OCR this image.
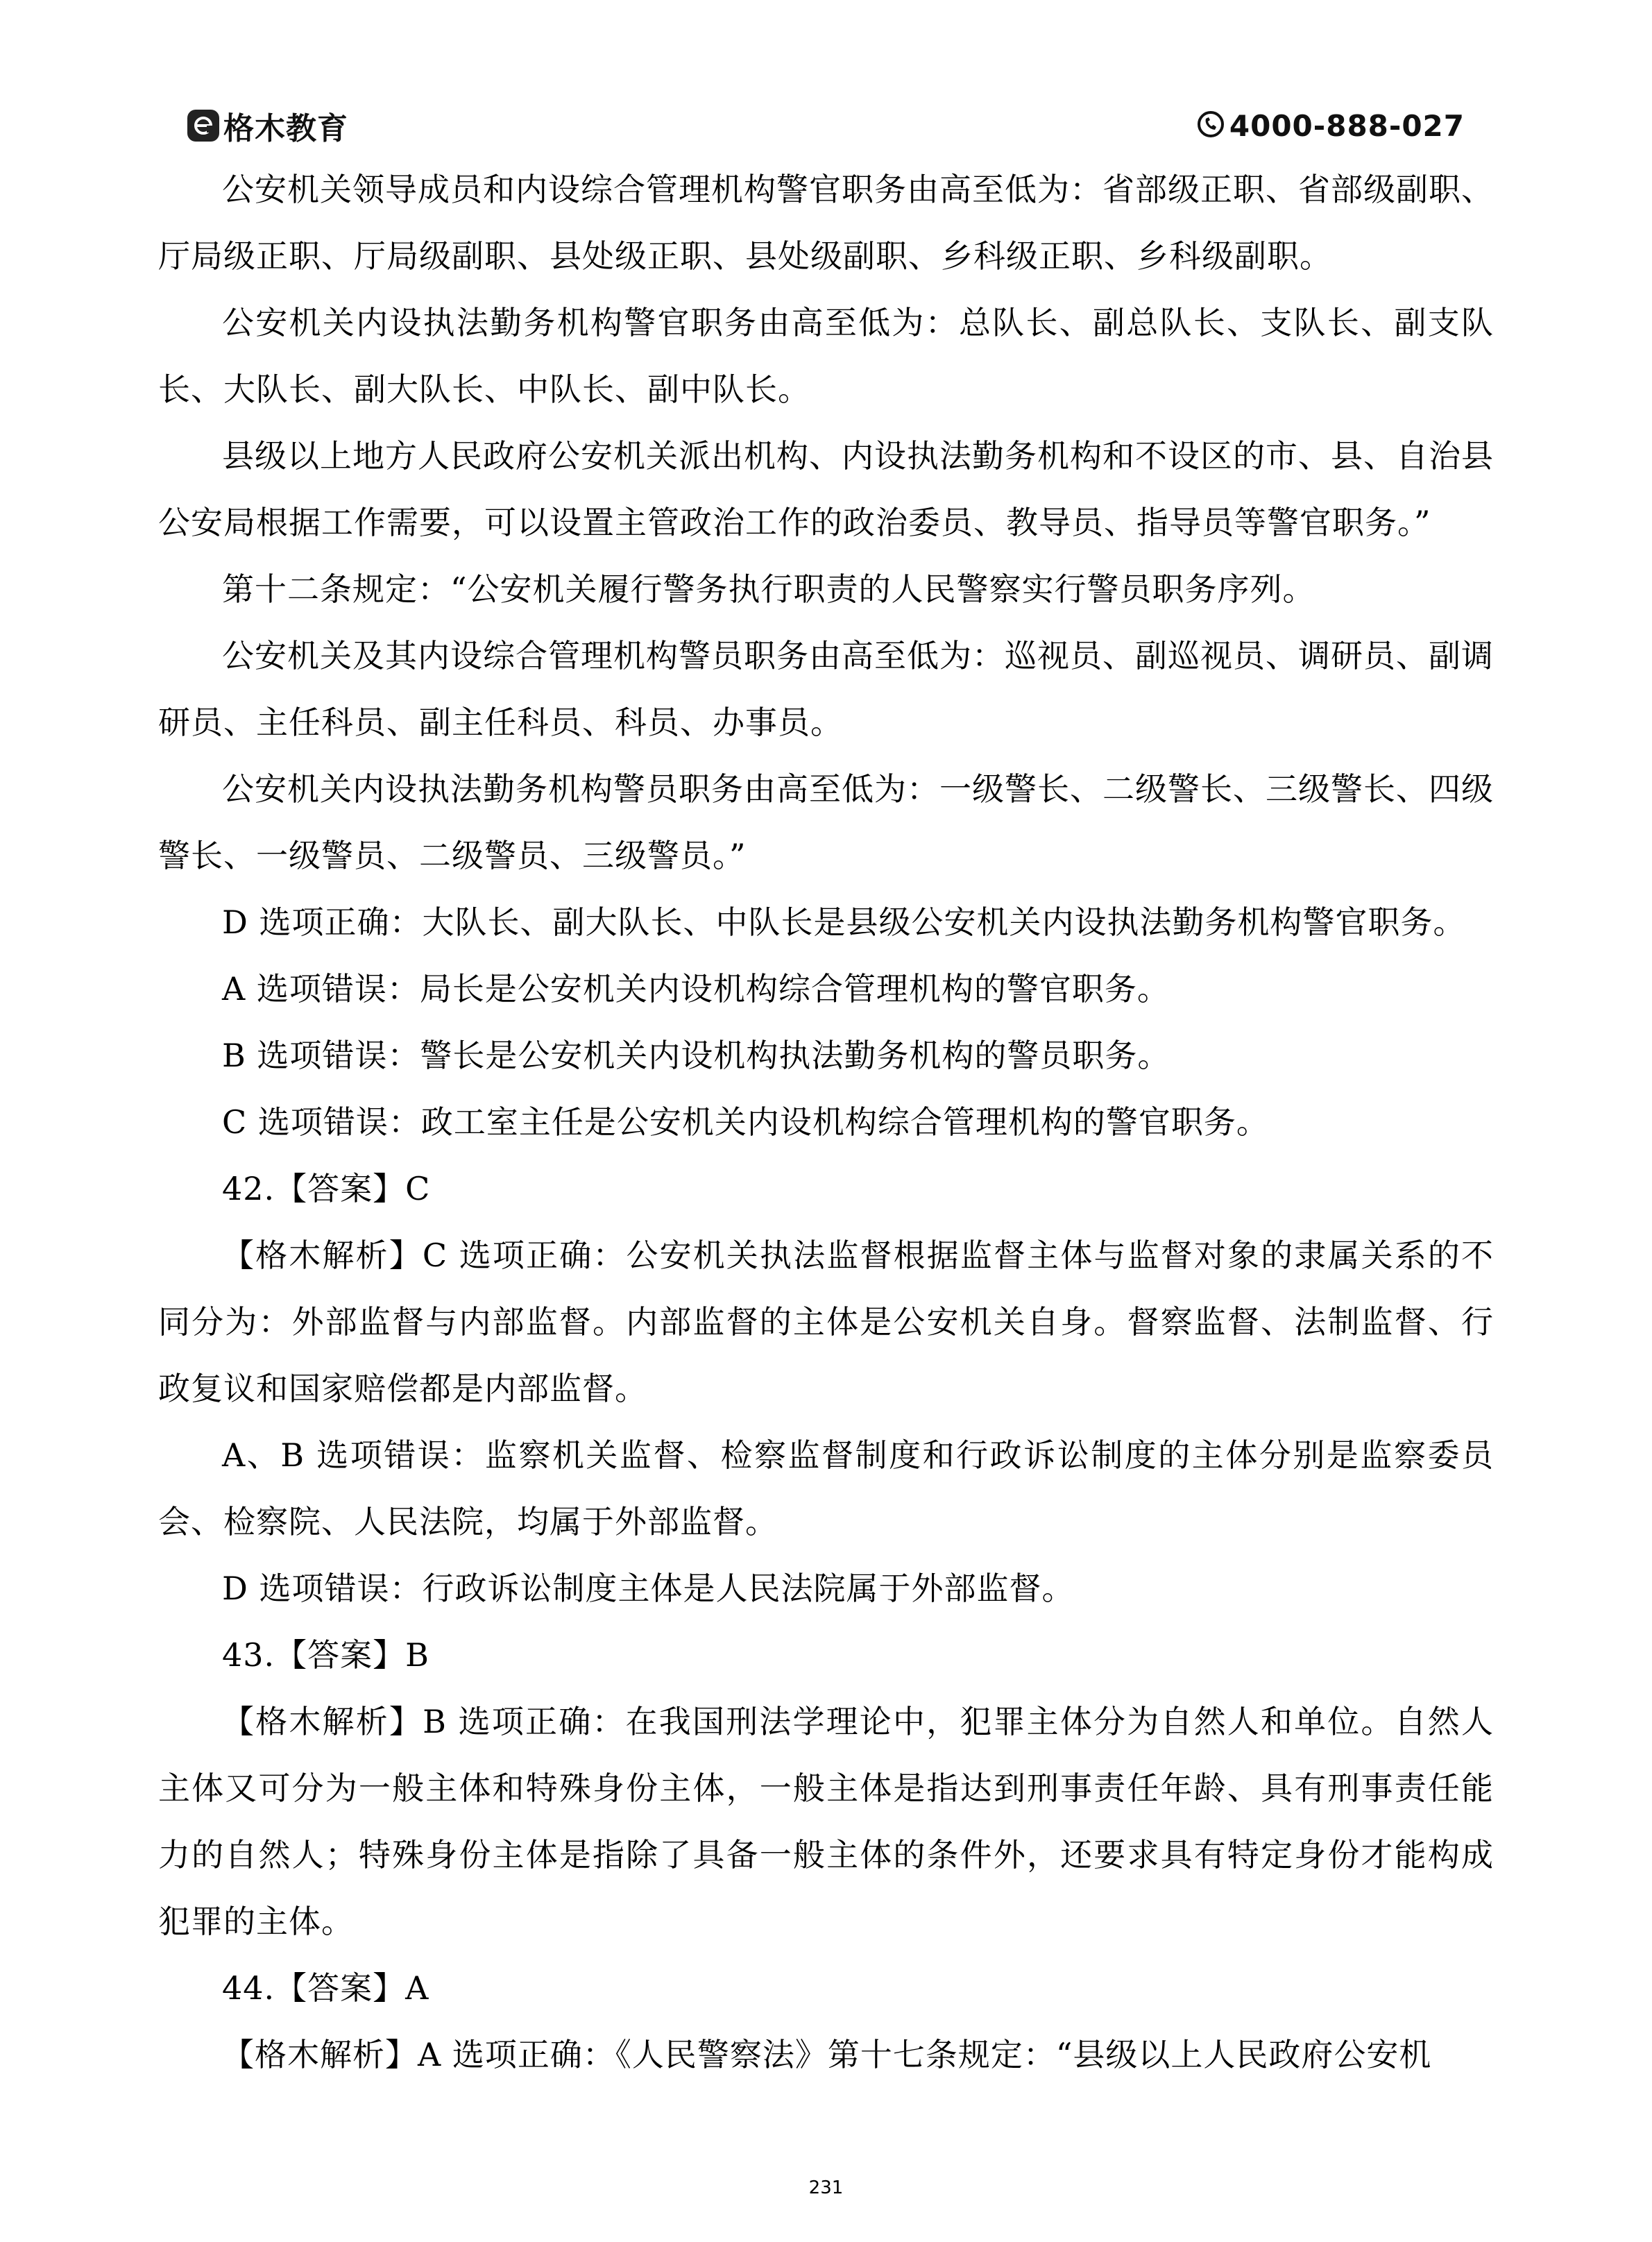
格木教育	4000-888-027

公安机关领导成员和内设综合管理机构警官职务由高至低为：省部级正职、省部级副职、厅局级正职、厅局级副职、县处级正职、县处级副职、乡科级正职、乡科级副职。

公安机关内设执法勤务机构警官职务由高至低为：总队长、副总队长、支队长、副支队长、大队长、副大队长、中队长、副中队长。

县级以上地方人民政府公安机关派出机构、内设执法勤务机构和不设区的市、县、自治县公安局根据工作需要，可以设置主管政治工作的政治委员、教导员、指导员等警官职务。”

第十二条规定：“公安机关履行警务执行职责的人民警察实行警员职务序列。

公安机关及其内设综合管理机构警员职务由高至低为：巡视员、副巡视员、调研员、副调研员、主任科员、副主任科员、科员、办事员。

公安机关内设执法勤务机构警员职务由高至低为：一级警长、二级警长、三级警长、四级警长、一级警员、二级警员、三级警员。”

D 选项正确：大队长、副大队长、中队长是县级公安机关内设执法勤务机构警官职务。

A 选项错误：局长是公安机关内设机构综合管理机构的警官职务。

B 选项错误：警长是公安机关内设机构执法勤务机构的警员职务。

C 选项错误：政工室主任是公安机关内设机构综合管理机构的警官职务。

42.【答案】C

【格木解析】C 选项正确：公安机关执法监督根据监督主体与监督对象的隶属关系的不同分为：外部监督与内部监督。内部监督的主体是公安机关自身。督察监督、法制监督、行政复议和国家赔偿都是内部监督。

A、B 选项错误：监察机关监督、检察监督制度和行政诉讼制度的主体分别是监察委员会、检察院、人民法院，均属于外部监督。

D 选项错误：行政诉讼制度主体是人民法院属于外部监督。

43.【答案】B

【格木解析】B 选项正确：在我国刑法学理论中，犯罪主体分为自然人和单位。自然人主体又可分为一般主体和特殊身份主体，一般主体是指达到刑事责任年龄、具有刑事责任能力的自然人；特殊身份主体是指除了具备一般主体的条件外，还要求具有特定身份才能构成犯罪的主体。

44.【答案】A

【格木解析】A 选项正确：《人民警察法》第十七条规定：“县级以上人民政府公安机

231
